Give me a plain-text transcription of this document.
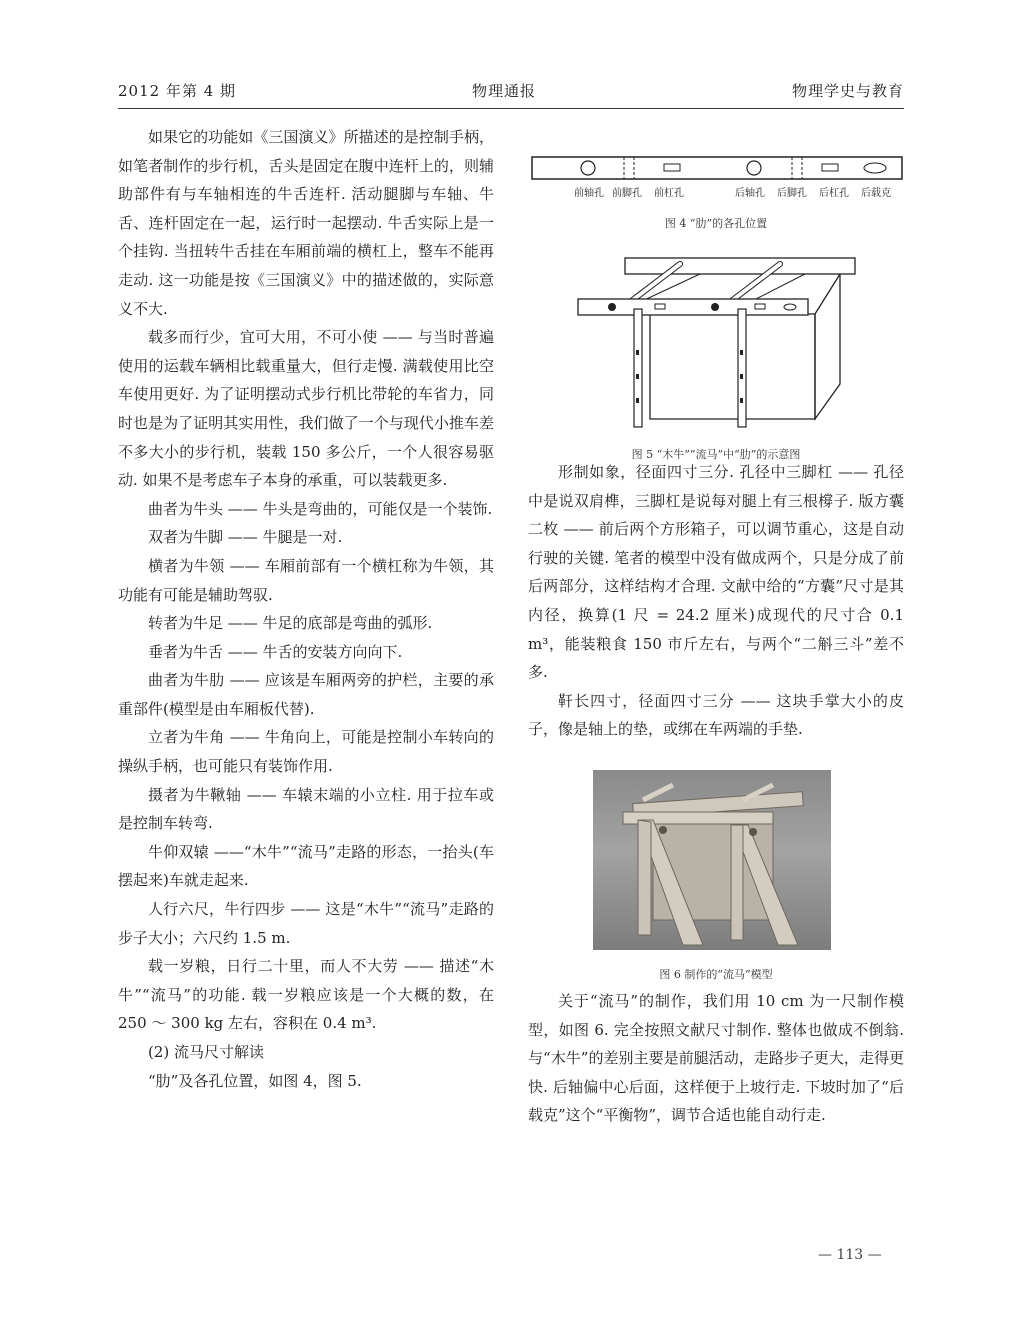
2012 年第 4 期	物理通报	物理学史与教育

如果它的功能如《三国演义》所描述的是控制手柄，如笔者制作的步行机，舌头是固定在腹中连杆上的，则辅助部件有与车轴相连的牛舌连杆. 活动腿脚与车轴、牛舌、连杆固定在一起，运行时一起摆动. 牛舌实际上是一个挂钩. 当扭转牛舌挂在车厢前端的横杠上，整车不能再走动. 这一功能是按《三国演义》中的描述做的，实际意义不大.

载多而行少，宜可大用，不可小使 —— 与当时普遍使用的运载车辆相比载重量大，但行走慢. 满载使用比空车使用更好. 为了证明摆动式步行机比带轮的车省力，同时也是为了证明其实用性，我们做了一个与现代小推车差不多大小的步行机，装载 150 多公斤，一个人很容易驱动. 如果不是考虑车子本身的承重，可以装载更多.

曲者为牛头 —— 牛头是弯曲的，可能仅是一个装饰.

双者为牛脚 —— 牛腿是一对.

横者为牛领 —— 车厢前部有一个横杠称为牛领，其功能有可能是辅助驾驭.

转者为牛足 —— 牛足的底部是弯曲的弧形.

垂者为牛舌 —— 牛舌的安装方向向下.

曲者为牛肋 —— 应该是车厢两旁的护栏，主要的承重部件(模型是由车厢板代替).

立者为牛角 —— 牛角向上，可能是控制小车转向的操纵手柄，也可能只有装饰作用.

摄者为牛鞦轴 —— 车辕末端的小立柱. 用于拉车或是控制车转弯.

牛仰双辕 ——“木牛”“流马”走路的形态，一抬头(车摆起来)车就走起来.

人行六尺，牛行四步 —— 这是“木牛”“流马”走路的步子大小；六尺约 1.5 m.

载一岁粮，日行二十里，而人不大劳 —— 描述“木牛”“流马”的功能. 载一岁粮应该是一个大概的数，在 250 ～ 300 kg 左右，容积在 0.4 m³.

(2) 流马尺寸解读

“肋”及各孔位置，如图 4，图 5.

前轴孔 前脚孔 前杠孔	后轴孔 后脚孔 后杠孔 后载克
图 4 “肋”的各孔位置
图 5 “木牛”“流马”中“肋”的示意图

形制如象，径面四寸三分. 孔径中三脚杠 —— 孔径中是说双肩榫，三脚杠是说每对腿上有三根橕子. 版方囊二枚 —— 前后两个方形箱子，可以调节重心，这是自动行驶的关键. 笔者的模型中没有做成两个，只是分成了前后两部分，这样结构才合理. 文献中给的“方囊”尺寸是其内径，换算(1 尺 = 24.2 厘米)成现代的尺寸合 0.1 m³，能装粮食 150 市斤左右，与两个“二斛三斗”差不多.

靬长四寸，径面四寸三分 —— 这块手掌大小的皮子，像是轴上的垫，或绑在车两端的手垫.

图 6 制作的“流马”模型

关于“流马”的制作，我们用 10 cm 为一尺制作模型，如图 6. 完全按照文献尺寸制作. 整体也做成不倒翁. 与“木牛”的差别主要是前腿活动，走路步子更大，走得更快. 后轴偏中心后面，这样便于上坡行走. 下坡时加了“后载克”这个“平衡物”，调节合适也能自动行走.

— 113 —
